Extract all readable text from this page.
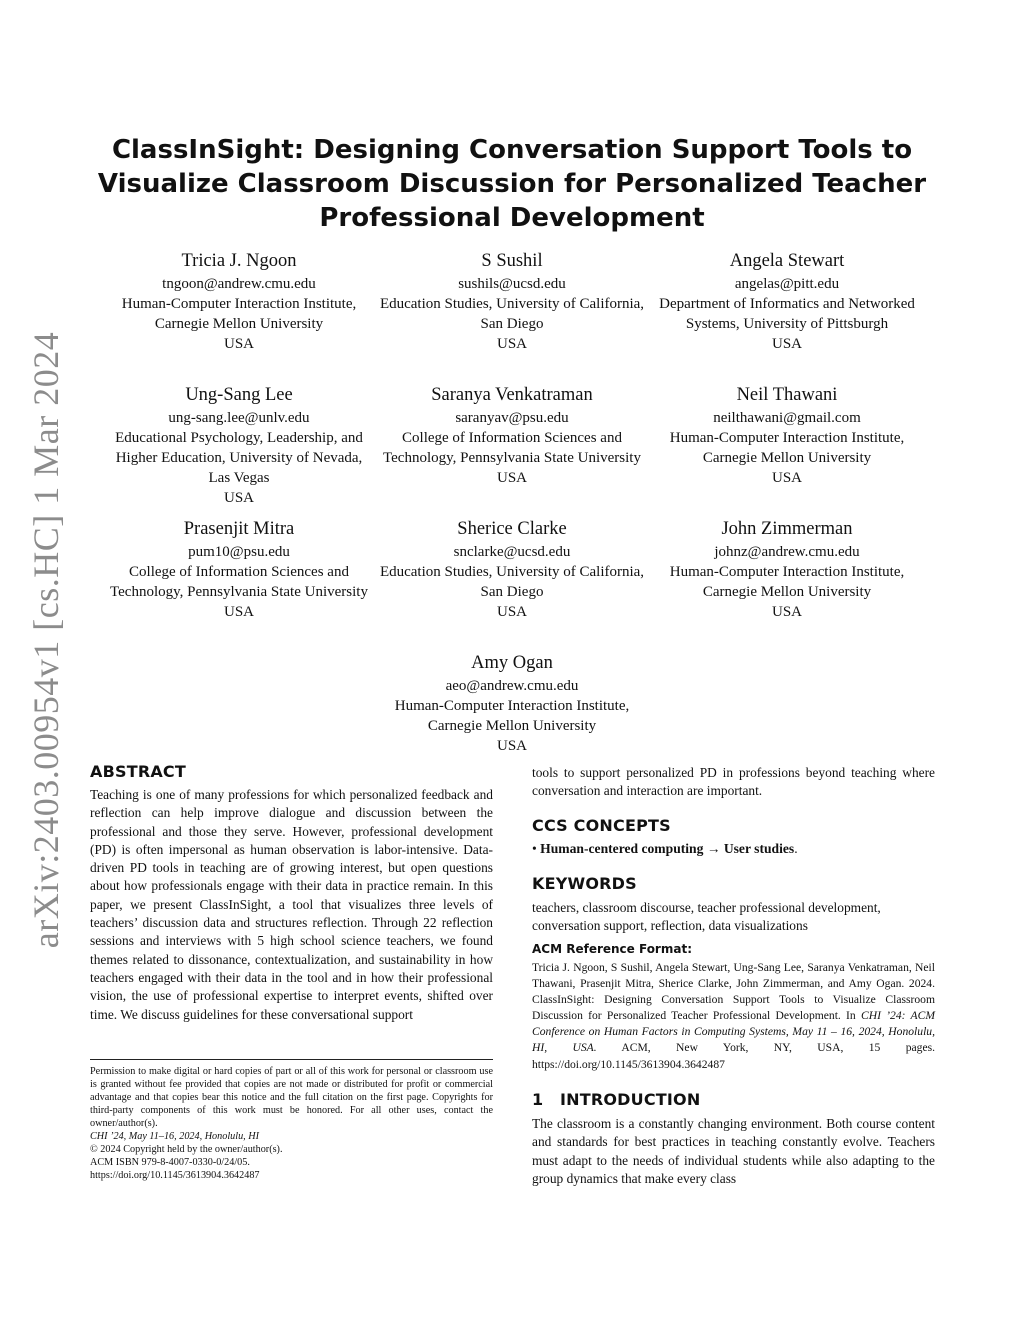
arXiv:2403.00954v1 [cs.HC] 1 Mar 2024
ClassInSight: Designing Conversation Support Tools to Visualize Classroom Discussion for Personalized Teacher Professional Development
Tricia J. Ngoon
tngoon@andrew.cmu.edu
Human-Computer Interaction Institute, Carnegie Mellon University
USA
S Sushil
sushils@ucsd.edu
Education Studies, University of California, San Diego
USA
Angela Stewart
angelas@pitt.edu
Department of Informatics and Networked Systems, University of Pittsburgh
USA
Ung-Sang Lee
ung-sang.lee@unlv.edu
Educational Psychology, Leadership, and Higher Education, University of Nevada, Las Vegas
USA
Saranya Venkatraman
saranyav@psu.edu
College of Information Sciences and Technology, Pennsylvania State University
USA
Neil Thawani
neilthawani@gmail.com
Human-Computer Interaction Institute, Carnegie Mellon University
USA
Prasenjit Mitra
pum10@psu.edu
College of Information Sciences and Technology, Pennsylvania State University
USA
Sherice Clarke
snclarke@ucsd.edu
Education Studies, University of California, San Diego
USA
John Zimmerman
johnz@andrew.cmu.edu
Human-Computer Interaction Institute, Carnegie Mellon University
USA
Amy Ogan
aeo@andrew.cmu.edu
Human-Computer Interaction Institute, Carnegie Mellon University
USA
ABSTRACT

Teaching is one of many professions for which personalized feedback and reflection can help improve dialogue and discussion between the professional and those they serve. However, professional development (PD) is often impersonal as human observation is labor-intensive. Data-driven PD tools in teaching are of growing interest, but open questions about how professionals engage with their data in practice remain. In this paper, we present ClassInSight, a tool that visualizes three levels of teachers’ discussion data and structures reflection. Through 22 reflection sessions and interviews with 5 high school science teachers, we found themes related to dissonance, contextualization, and sustainability in how teachers engaged with their data in the tool and in how their professional vision, the use of professional expertise to interpret events, shifted over time. We discuss guidelines for these conversational support

Permission to make digital or hard copies of part or all of this work for personal or classroom use is granted without fee provided that copies are not made or distributed for profit or commercial advantage and that copies bear this notice and the full citation on the first page. Copyrights for third-party components of this work must be honored. For all other uses, contact the owner/author(s).
CHI ’24, May 11–16, 2024, Honolulu, HI
© 2024 Copyright held by the owner/author(s).
ACM ISBN 979-8-4007-0330-0/24/05.
https://doi.org/10.1145/3613904.3642487

tools to support personalized PD in professions beyond teaching where conversation and interaction are important.

CCS CONCEPTS
• Human-centered computing → User studies.
KEYWORDS

teachers, classroom discourse, teacher professional development, conversation support, reflection, data visualizations

ACM Reference Format:
Tricia J. Ngoon, S Sushil, Angela Stewart, Ung-Sang Lee, Saranya Venkatraman, Neil Thawani, Prasenjit Mitra, Sherice Clarke, John Zimmerman, and Amy Ogan. 2024. ClassInSight: Designing Conversation Support Tools to Visualize Classroom Discussion for Personalized Teacher Professional Development. In CHI ’24: ACM Conference on Human Factors in Computing Systems, May 11 – 16, 2024, Honolulu, HI, USA. ACM, New York, NY, USA, 15 pages. https://doi.org/10.1145/3613904.3642487
1 INTRODUCTION

The classroom is a constantly changing environment. Both course content and standards for best practices in teaching constantly evolve. Teachers must adapt to the needs of individual students while also adapting to the group dynamics that make every class
